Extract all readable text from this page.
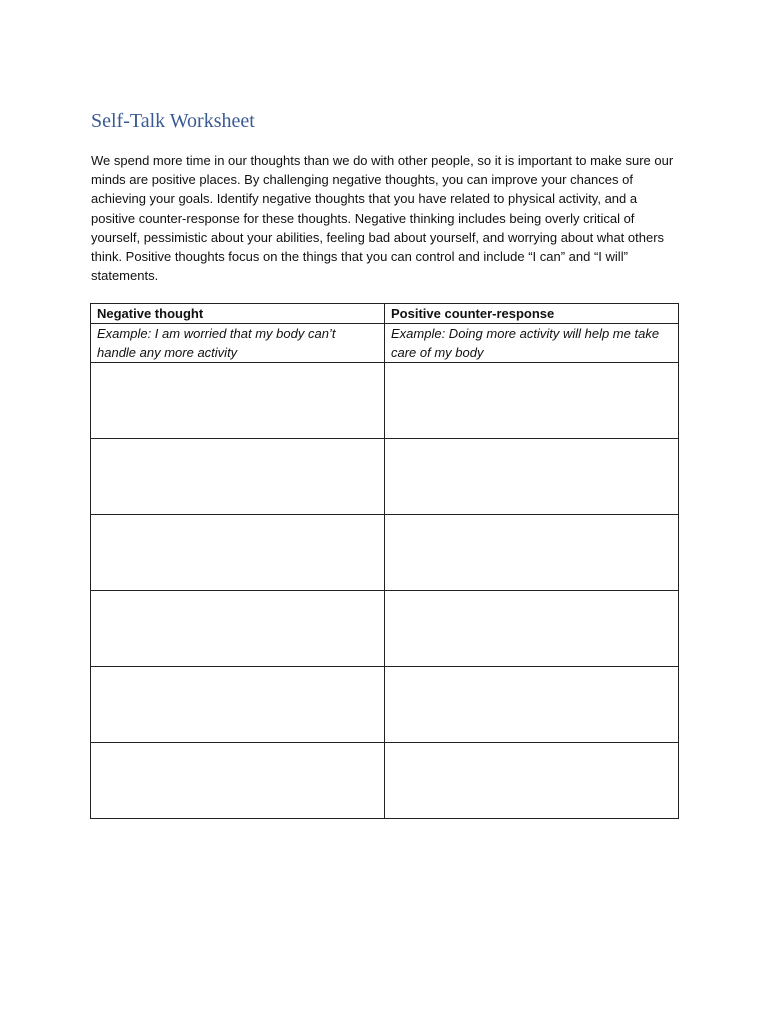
Self-Talk Worksheet

We spend more time in our thoughts than we do with other people, so it is important to make sure our minds are positive places. By challenging negative thoughts, you can improve your chances of achieving your goals. Identify negative thoughts that you have related to physical activity, and a positive counter-response for these thoughts. Negative thinking includes being overly critical of yourself, pessimistic about your abilities, feeling bad about yourself, and worrying about what others think. Positive thoughts focus on the things that you can control and include “I can” and “I will” statements.

Negative thought	Positive counter-response
Example: I am worried that my body can’t handle any more activity	Example: Doing more activity will help me take care of my body
